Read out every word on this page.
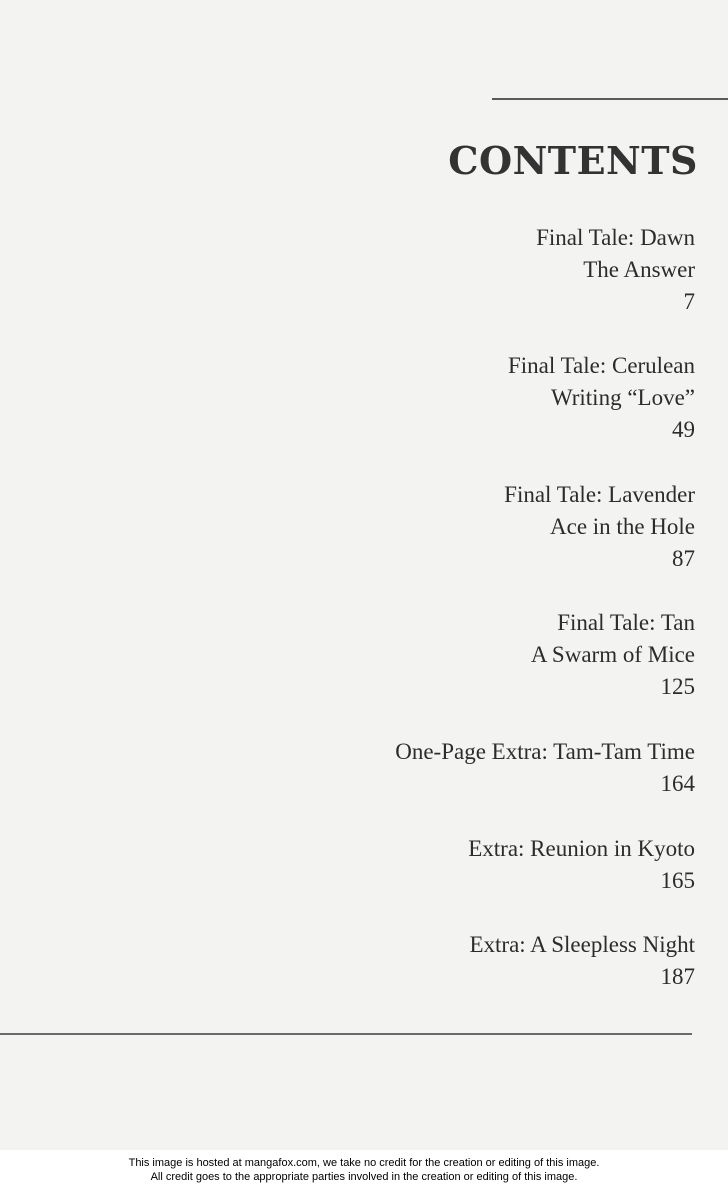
CONTENTS
Final Tale: Dawn
The Answer
7
Final Tale: Cerulean
Writing “Love”
49
Final Tale: Lavender
Ace in the Hole
87
Final Tale: Tan
A Swarm of Mice
125
One-Page Extra: Tam-Tam Time
164
Extra: Reunion in Kyoto
165
Extra: A Sleepless Night
187
This image is hosted at mangafox.com, we take no credit for the creation or editing of this image.
All credit goes to the appropriate parties involved in the creation or editing of this image.
